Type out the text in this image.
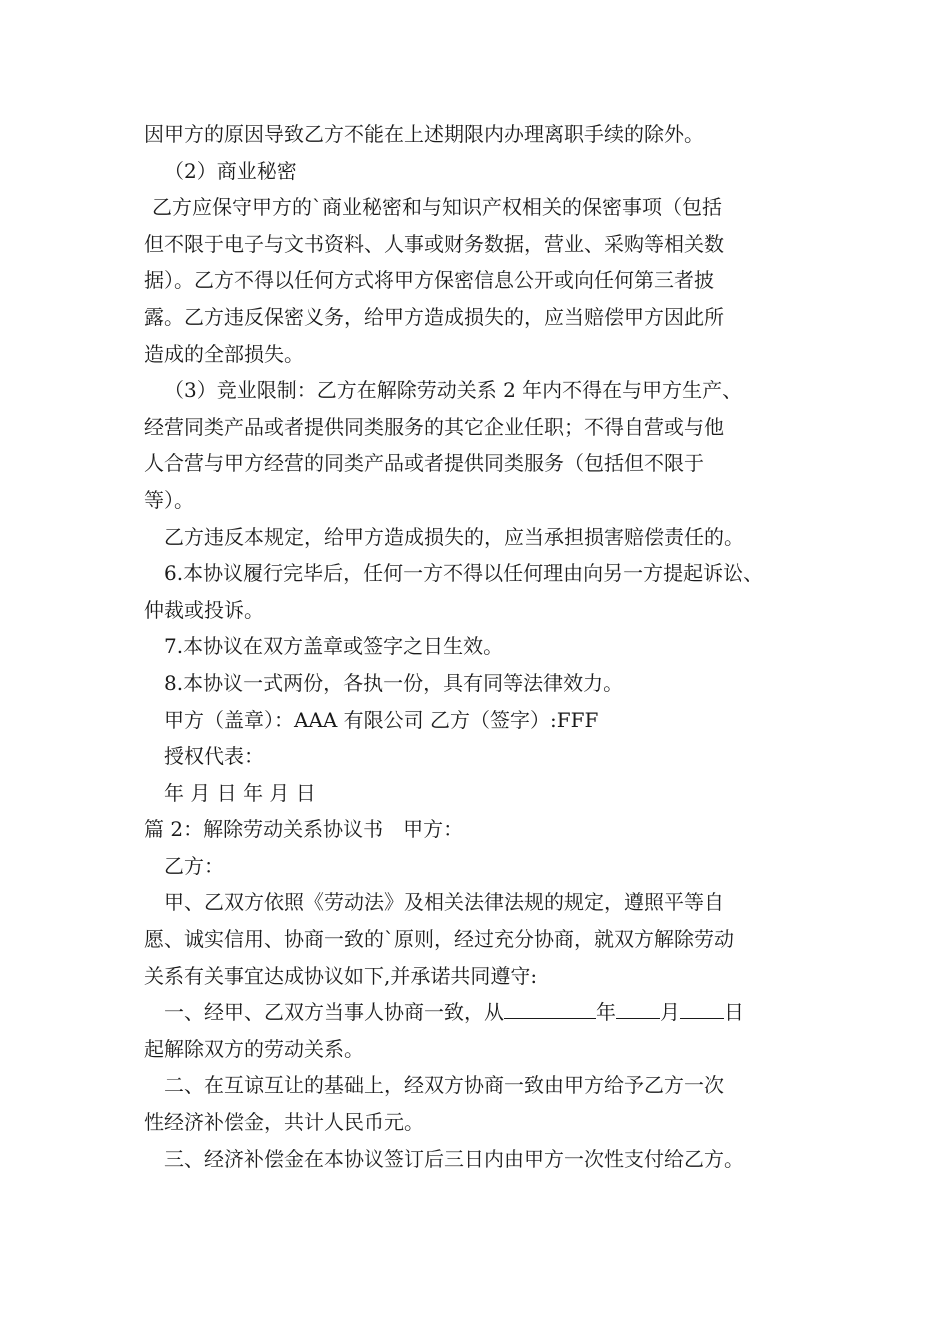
因甲方的原因导致乙方不能在上述期限内办理离职手续的除外。
（2）商业秘密
乙方应保守甲方的`商业秘密和与知识产权相关的保密事项（包括
但不限于电子与文书资料、人事或财务数据，营业、采购等相关数
据）。乙方不得以任何方式将甲方保密信息公开或向任何第三者披
露。乙方违反保密义务，给甲方造成损失的，应当赔偿甲方因此所
造成的全部损失。
（3）竞业限制：乙方在解除劳动关系 2 年内不得在与甲方生产、
经营同类产品或者提供同类服务的其它企业任职；不得自营或与他
人合营与甲方经营的同类产品或者提供同类服务（包括但不限于
等）。
乙方违反本规定，给甲方造成损失的，应当承担损害赔偿责任的。
6.本协议履行完毕后，任何一方不得以任何理由向另一方提起诉讼、
仲裁或投诉。
7.本协议在双方盖章或签字之日生效。
8.本协议一式两份，各执一份，具有同等法律效力。
甲方（盖章）：AAA 有限公司 乙方（签字）:FFF
授权代表：
年 月 日 年 月 日
篇 2：解除劳动关系协议书　甲方：
乙方：
甲、乙双方依照《劳动法》及相关法律法规的规定，遵照平等自
愿、诚实信用、协商一致的`原则，经过充分协商，就双方解除劳动
关系有关事宜达成协议如下,并承诺共同遵守:
一、经甲、乙双方当事人协商一致，从	年 月 日
起解除双方的劳动关系。
二、在互谅互让的基础上，经双方协商一致由甲方给予乙方一次
性经济补偿金，共计人民币元。
三、经济补偿金在本协议签订后三日内由甲方一次性支付给乙方。
